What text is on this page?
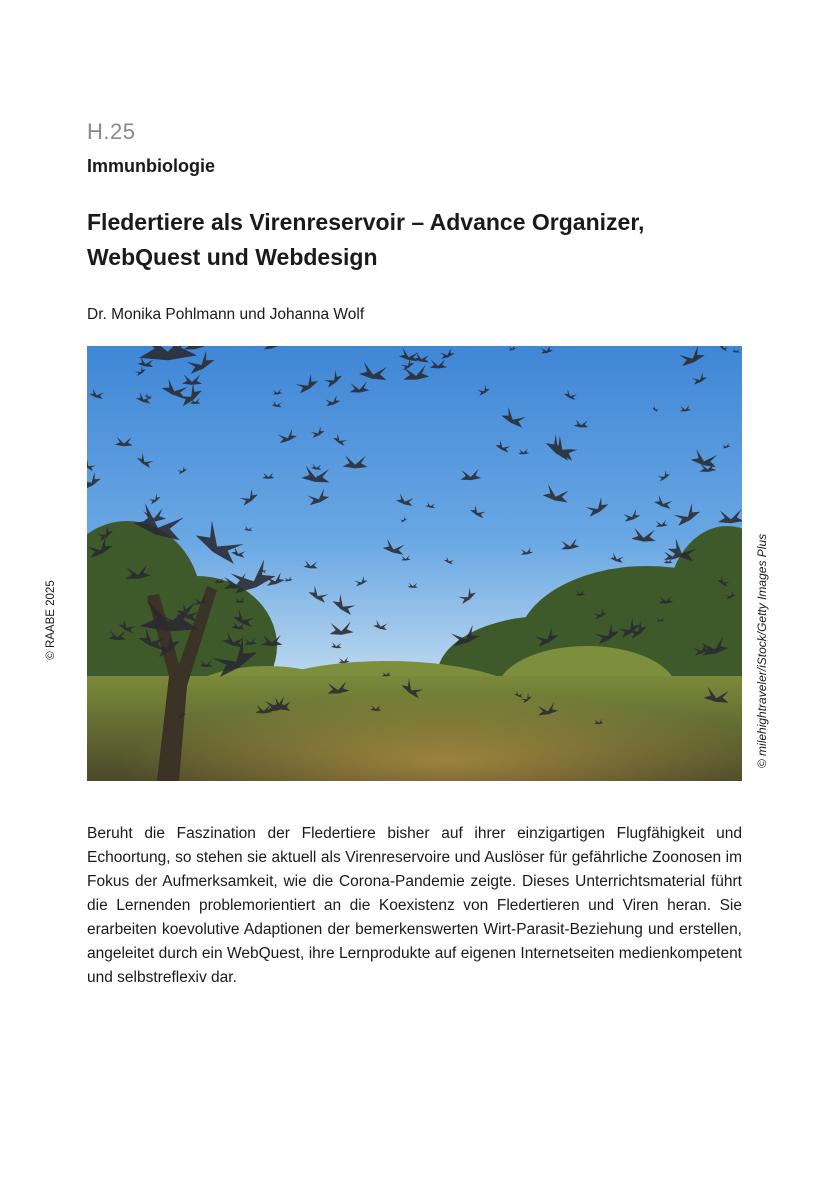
H.25
Immunbiologie
Fledertiere als Virenreservoir – Advance Organizer, WebQuest und Webdesign
Dr. Monika Pohlmann und Johanna Wolf
© RAABE 2025	© milehightraveler/iStock/Getty Images Plus

Beruht die Faszination der Fledertiere bisher auf ihrer einzigartigen Flugfähigkeit und Echoortung, so stehen sie aktuell als Virenreservoire und Auslöser für gefährliche Zoonosen im Fokus der Aufmerksamkeit, wie die Corona-Pandemie zeigte. Dieses Unterrichtsmaterial führt die Lernenden problemorientiert an die Koexistenz von Fledertieren und Viren heran. Sie erarbeiten koevolutive Adaptionen der bemerkenswerten Wirt-Parasit-Beziehung und erstellen, angeleitet durch ein WebQuest, ihre Lernprodukte auf eigenen Internetseiten medienkompetent und selbstreflexiv dar.
